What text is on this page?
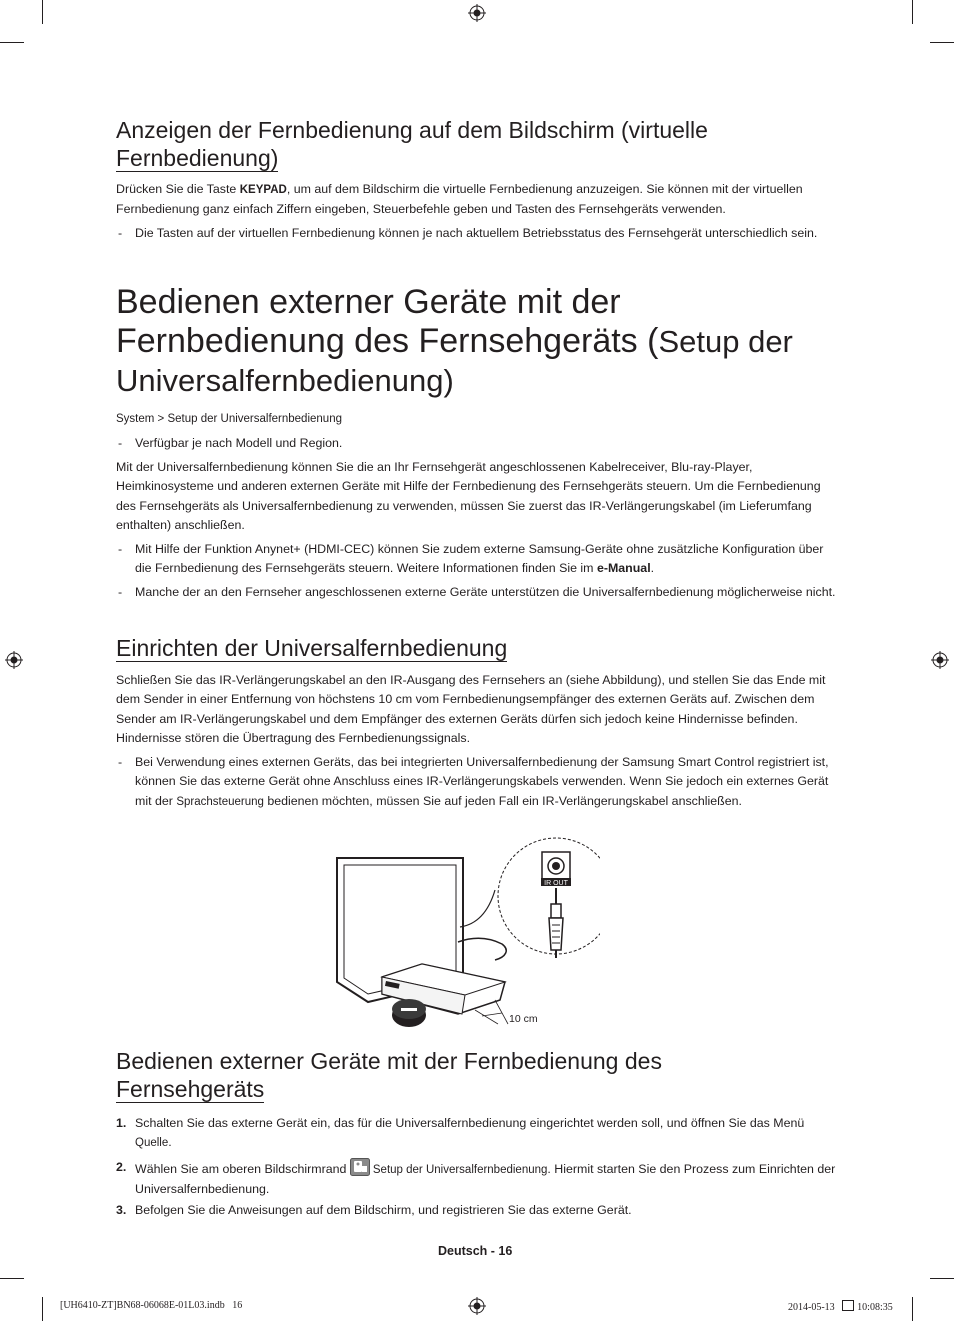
Anzeigen der Fernbedienung auf dem Bildschirm (virtuelle
Fernbedienung)

Drücken Sie die Taste KEYPAD, um auf dem Bildschirm die virtuelle Fernbedienung anzuzeigen. Sie können mit der virtuellen Fernbedienung ganz einfach Ziffern eingeben, Steuerbefehle geben und Tasten des Fernsehgeräts verwenden.

- Die Tasten auf der virtuellen Fernbedienung können je nach aktuellem Betriebsstatus des Fernsehgerät unterschiedlich sein.

Bedienen externer Geräte mit der
Fernbedienung des Fernsehgeräts (Setup der
Universalfernbedienung)

System > Setup der Universalfernbedienung

- Verfügbar je nach Modell und Region.

Mit der Universalfernbedienung können Sie die an Ihr Fernsehgerät angeschlossenen Kabelreceiver, Blu-ray-Player, Heimkinosysteme und anderen externen Geräte mit Hilfe der Fernbedienung des Fernsehgeräts steuern. Um die Fernbedienung des Fernsehgeräts als Universalfernbedienung zu verwenden, müssen Sie zuerst das IR-Verlängerungskabel (im Lieferumfang enthalten) anschließen.

- Mit Hilfe der Funktion Anynet+ (HDMI-CEC) können Sie zudem externe Samsung-Geräte ohne zusätzliche Konfiguration über die Fernbedienung des Fernsehgeräts steuern. Weitere Informationen finden Sie im e-Manual.

- Manche der an den Fernseher angeschlossenen externe Geräte unterstützen die Universalfernbedienung möglicherweise nicht.

Einrichten der Universalfernbedienung

Schließen Sie das IR-Verlängerungskabel an den IR-Ausgang des Fernsehers an (siehe Abbildung), und stellen Sie das Ende mit dem Sender in einer Entfernung von höchstens 10 cm vom Fernbedienungsempfänger des externen Geräts auf. Zwischen dem Sender am IR-Verlängerungskabel und dem Empfänger des externen Geräts dürfen sich jedoch keine Hindernisse befinden. Hindernisse stören die Übertragung des Fernbedienungssignals.

- Bei Verwendung eines externen Geräts, das bei integrierten Universalfernbedienung der Samsung Smart Control registriert ist, können Sie das externe Gerät ohne Anschluss eines IR-Verlängerungskabels verwenden. Wenn Sie jedoch ein externes Gerät mit der Sprachsteuerung bedienen möchten, müssen Sie auf jeden Fall ein IR-Verlängerungskabel anschließen.

10 cm
IR OUT
Bedienen externer Geräte mit der Fernbedienung des
Fernsehgeräts

1. Schalten Sie das externe Gerät ein, das für die Universalfernbedienung eingerichtet werden soll, und öffnen Sie das Menü Quelle.

2. Wählen Sie am oberen Bildschirmrand Setup der Universalfernbedienung. Hiermit starten Sie den Prozess zum Einrichten der Universalfernbedienung.

3. Befolgen Sie die Anweisungen auf dem Bildschirm, und registrieren Sie das externe Gerät.

Deutsch - 16
[UH6410-ZT]BN68-06068E-01L03.indb   16	2014-05-13   10:08:35
